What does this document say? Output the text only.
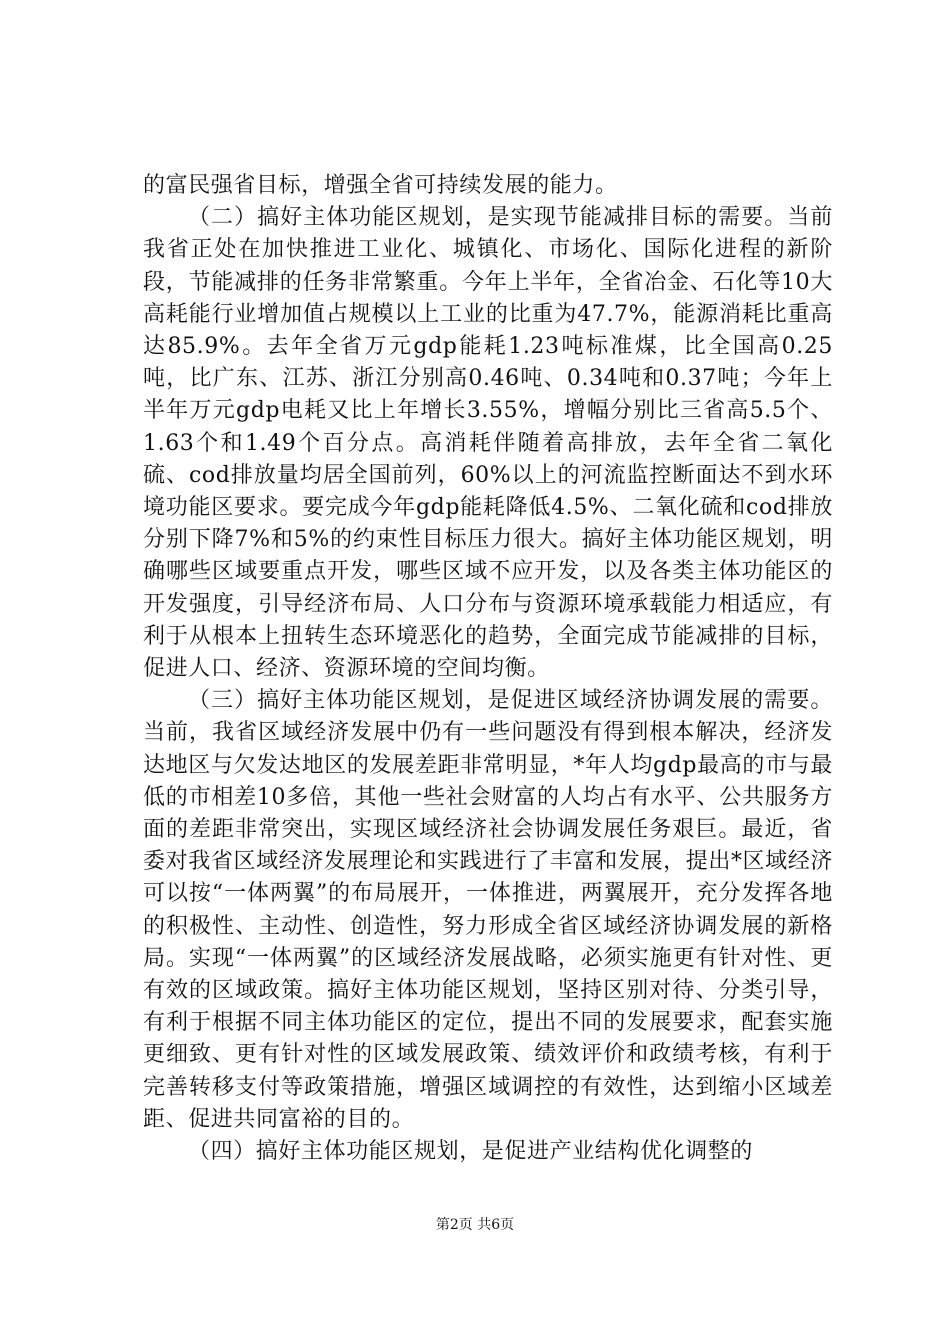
的富民强省目标，增强全省可持续发展的能力。

（二）搞好主体功能区规划，是实现节能减排目标的需要。当前我省正处在加快推进工业化、城镇化、市场化、国际化进程的新阶段，节能减排的任务非常繁重。今年上半年，全省冶金、石化等10大高耗能行业增加值占规模以上工业的比重为47.7%，能源消耗比重高达85.9%。去年全省万元gdp能耗1.23吨标准煤，比全国高0.25吨，比广东、江苏、浙江分别高0.46吨、0.34吨和0.37吨；今年上半年万元gdp电耗又比上年增长3.55%，增幅分别比三省高5.5个、1.63个和1.49个百分点。高消耗伴随着高排放，去年全省二氧化硫、cod排放量均居全国前列，60%以上的河流监控断面达不到水环境功能区要求。要完成今年gdp能耗降低4.5%、二氧化硫和cod排放分别下降7%和5%的约束性目标压力很大。搞好主体功能区规划，明确哪些区域要重点开发，哪些区域不应开发，以及各类主体功能区的开发强度，引导经济布局、人口分布与资源环境承载能力相适应，有利于从根本上扭转生态环境恶化的趋势，全面完成节能减排的目标，促进人口、经济、资源环境的空间均衡。

（三）搞好主体功能区规划，是促进区域经济协调发展的需要。当前，我省区域经济发展中仍有一些问题没有得到根本解决，经济发达地区与欠发达地区的发展差距非常明显，*年人均gdp最高的市与最低的市相差10多倍，其他一些社会财富的人均占有水平、公共服务方面的差距非常突出，实现区域经济社会协调发展任务艰巨。最近，省委对我省区域经济发展理论和实践进行了丰富和发展，提出*区域经济可以按“一体两翼”的布局展开，一体推进，两翼展开，充分发挥各地的积极性、主动性、创造性，努力形成全省区域经济协调发展的新格局。实现“一体两翼”的区域经济发展战略，必须实施更有针对性、更有效的区域政策。搞好主体功能区规划，坚持区别对待、分类引导，有利于根据不同主体功能区的定位，提出不同的发展要求，配套实施更细致、更有针对性的区域发展政策、绩效评价和政绩考核，有利于完善转移支付等政策措施，增强区域调控的有效性，达到缩小区域差距、促进共同富裕的目的。

（四）搞好主体功能区规划，是促进产业结构优化调整的

第2页 共6页
